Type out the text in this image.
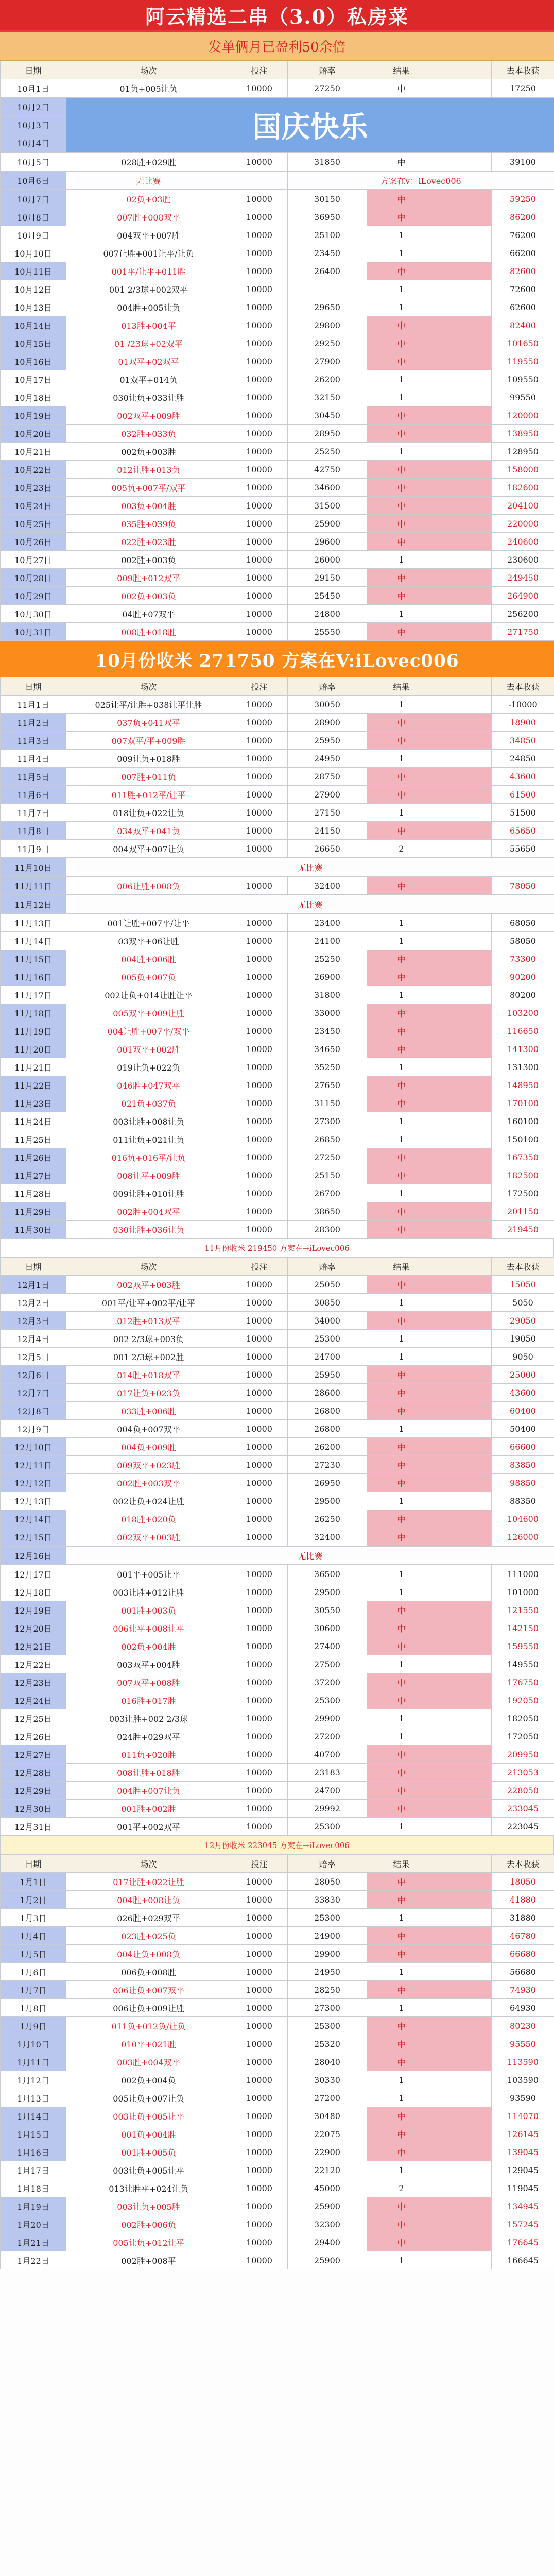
阿云精选二串（3.0）私房菜
发单俩月已盈利50余倍
日期	场次	投注	赔率	结果		去本收获
10月1日	01负+005让负	10000	27250	中		17250
10月2日	
国庆快乐

10月3日
10月4日
10月5日	028胜+029胜	10000	31850	中		39100
10月6日	无比赛		方案在v：iLovec006
10月7日	02负+03胜	10000	30150	中		59250
10月8日	007胜+008双平	10000	36950	中		86200
10月9日	004双平+007胜	10000	25100	1		76200
10月10日	007让胜+001让平/让负	10000	23450	1		66200
10月11日	001平/让平+011胜	10000	26400	中		82600
10月12日	001 2/3球+002双平	10000		1		72600
10月13日	004胜+005让负	10000	29650	1		62600
10月14日	013胜+004平	10000	29800	中		82400
10月15日	01 /23球+02双平	10000	29250	中		101650
10月16日	01双平+02双平	10000	27900	中		119550
10月17日	01双平+014负	10000	26200	1		109550
10月18日	030让负+033让胜	10000	32150	1		99550
10月19日	002双平+009胜	10000	30450	中		120000
10月20日	032胜+033负	10000	28950	中		138950
10月21日	002负+003胜	10000	25250	1		128950
10月22日	012让胜+013负	10000	42750	中		158000
10月23日	005负+007平/双平	10000	34600	中		182600
10月24日	003负+004胜	10000	31500	中		204100
10月25日	035胜+039负	10000	25900	中		220000
10月26日	022胜+023胜	10000	29600	中		240600
10月27日	002胜+003负	10000	26000	1		230600
10月28日	009胜+012双平	10000	29150	中		249450
10月29日	002负+003负	10000	25450	中		264900
10月30日	04胜+07双平	10000	24800	1		256200
10月31日	008胜+018胜	10000	25550	中		271750
10月份收米 271750 方案在V:iLovec006
日期	场次	投注	赔率	结果		去本收获
11月1日	025让平/让胜+038让平让胜	10000	30050	1		-10000
11月2日	037负+041双平	10000	28900	中		18900
11月3日	007双平/平+009胜	10000	25950	中		34850
11月4日	009让负+018胜	10000	24950	1		24850
11月5日	007胜+011负	10000	28750	中		43600
11月6日	011胜+012平/让平	10000	27900	中		61500
11月7日	018让负+022让负	10000	27150	1		51500
11月8日	034双平+041负	10000	24150	中		65650
11月9日	004双平+007让负	10000	26650	2		55650
11月10日	无比赛
11月11日	006让胜+008负	10000	32400	中		78050
11月12日	无比赛
11月13日	001让胜+007平/让平	10000	23400	1		68050
11月14日	03双平+06让胜	10000	24100	1		58050
11月15日	004胜+006胜	10000	25250	中		73300
11月16日	005负+007负	10000	26900	中		90200
11月17日	002让负+014让胜让平	10000	31800	1		80200
11月18日	005双平+009让胜	10000	33000	中		103200
11月19日	004让胜+007平/双平	10000	23450	中		116650
11月20日	001双平+002胜	10000	34650	中		141300
11月21日	019让负+022负	10000	35250	1		131300
11月22日	046胜+047双平	10000	27650	中		148950
11月23日	021负+037负	10000	31150	中		170100
11月24日	003让胜+008让负	10000	27300	1		160100
11月25日	011让负+021让负	10000	26850	1		150100
11月26日	016负+016平/让负	10000	27250	中		167350
11月27日	008让平+009胜	10000	25150	中		182500
11月28日	009让胜+010让胜	10000	26700	1		172500
11月29日	002胜+004双平	10000	38650	中		201150
11月30日	030让胜+036让负	10000	28300	中		219450
11月份收米 219450 方案在→iLovec006
日期	场次	投注	赔率	结果		去本收获
12月1日	002双平+003胜	10000	25050	中		15050
12月2日	001平/让平+002平/让平	10000	30850	1		5050
12月3日	012胜+013双平	10000	34000	中		29050
12月4日	002 2/3球+003负	10000	25300	1		19050
12月5日	001 2/3球+002胜	10000	24700	1		9050
12月6日	014胜+018双平	10000	25950	中		25000
12月7日	017让负+023负	10000	28600	中		43600
12月8日	033胜+006胜	10000	26800	中		60400
12月9日	004负+007双平	10000	26800	1		50400
12月10日	004负+009胜	10000	26200	中		66600
12月11日	009双平+023胜	10000	27230	中		83850
12月12日	002胜+003双平	10000	26950	中		98850
12月13日	002让负+024让胜	10000	29500	1		88350
12月14日	018胜+020负	10000	26250	中		104600
12月15日	002双平+003胜	10000	32400	中		126000
12月16日	无比赛
12月17日	001平+005让平	10000	36500	1		111000
12月18日	003让胜+012让胜	10000	29500	1		101000
12月19日	001胜+003负	10000	30550	中		121550
12月20日	006让平+008让平	10000	30600	中		142150
12月21日	002负+004胜	10000	27400	中		159550
12月22日	003双平+004胜	10000	27500	1		149550
12月23日	007双平+008胜	10000	37200	中		176750
12月24日	016胜+017胜	10000	25300	中		192050
12月25日	003让胜+002 2/3球	10000	29900	1		182050
12月26日	024胜+029双平	10000	27200	1		172050
12月27日	011负+020胜	10000	40700	中		209950
12月28日	008让胜+018胜	10000	23183	中		213053
12月29日	004胜+007让负	10000	24700	中		228050
12月30日	001胜+002胜	10000	29992	中		233045
12月31日	001平+002双平	10000	25300	1		223045
12月份收米 223045 方案在→iLovec006
日期	场次	投注	赔率	结果		去本收获
1月1日	017让胜+022让胜	10000	28050	中		18050
1月2日	004胜+008让负	10000	33830	中		41880
1月3日	026胜+029双平	10000	25300	1		31880
1月4日	023胜+025负	10000	24900	中		46780
1月5日	004让负+008负	10000	29900	中		66680
1月6日	006负+008胜	10000	24950	1		56680
1月7日	006让负+007双平	10000	28250	中		74930
1月8日	006让负+009让胜	10000	27300	1		64930
1月9日	011负+012负/让负	10000	25300	中		80230
1月10日	010平+021胜	10000	25320	中		95550
1月11日	003胜+004双平	10000	28040	中		113590
1月12日	002负+004负	10000	30330	1		103590
1月13日	005让负+007让负	10000	27200	1		93590
1月14日	003让负+005让平	10000	30480	中		114070
1月15日	001负+004胜	10000	22075	中		126145
1月16日	001胜+005负	10000	22900	中		139045
1月17日	003让负+005让平	10000	22120	1		129045
1月18日	013让胜平+024让负	10000	45000	2		119045
1月19日	003让负+005胜	10000	25900	中		134945
1月20日	002胜+006负	10000	32300	中		157245
1月21日	005让负+012让平	10000	29400	中		176645
1月22日	002胜+008平	10000	25900	1		166645
